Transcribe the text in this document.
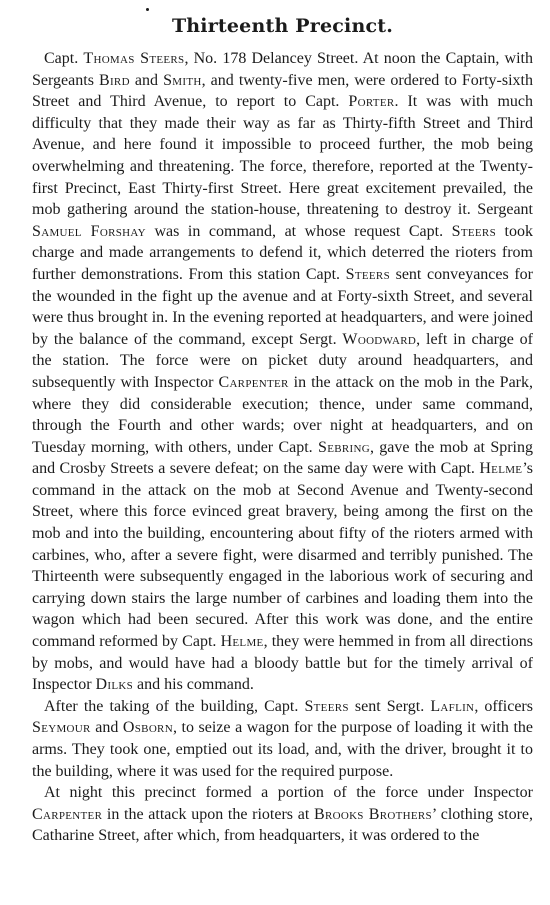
Thirteenth Precinct.

Capt. Thomas Steers, No. 178 Delancey Street. At noon the Captain, with Sergeants Bird and Smith, and twenty-five men, were ordered to Forty-sixth Street and Third Avenue, to report to Capt. Porter. It was with much difficulty that they made their way as far as Thirty-fifth Street and Third Avenue, and here found it impossible to proceed further, the mob being overwhelming and threatening. The force, therefore, reported at the Twenty-first Precinct, East Thirty-first Street. Here great excitement prevailed, the mob gathering around the station-house, threatening to destroy it. Sergeant Samuel Forshay was in command, at whose request Capt. Steers took charge and made arrangements to defend it, which deterred the rioters from further demonstrations. From this station Capt. Steers sent conveyances for the wounded in the fight up the avenue and at Forty-sixth Street, and several were thus brought in. In the evening reported at headquarters, and were joined by the balance of the command, except Sergt. Woodward, left in charge of the station. The force were on picket duty around headquarters, and subsequently with Inspector Carpenter in the attack on the mob in the Park, where they did considerable execution; thence, under same command, through the Fourth and other wards; over night at headquarters, and on Tuesday morning, with others, under Capt. Sebring, gave the mob at Spring and Crosby Streets a severe defeat; on the same day were with Capt. Helme’s command in the attack on the mob at Second Avenue and Twenty-second Street, where this force evinced great bravery, being among the first on the mob and into the building, encountering about fifty of the rioters armed with carbines, who, after a severe fight, were disarmed and terribly punished. The Thirteenth were subsequently engaged in the laborious work of securing and carrying down stairs the large number of carbines and loading them into the wagon which had been secured. After this work was done, and the entire command reformed by Capt. Helme, they were hemmed in from all directions by mobs, and would have had a bloody battle but for the timely arrival of Inspector Dilks and his command.

After the taking of the building, Capt. Steers sent Sergt. Laflin, officers Seymour and Osborn, to seize a wagon for the purpose of loading it with the arms. They took one, emptied out its load, and, with the driver, brought it to the building, where it was used for the required purpose.

At night this precinct formed a portion of the force under Inspector Carpenter in the attack upon the rioters at Brooks Brothers’ clothing store, Catharine Street, after which, from headquarters, it was ordered to the
